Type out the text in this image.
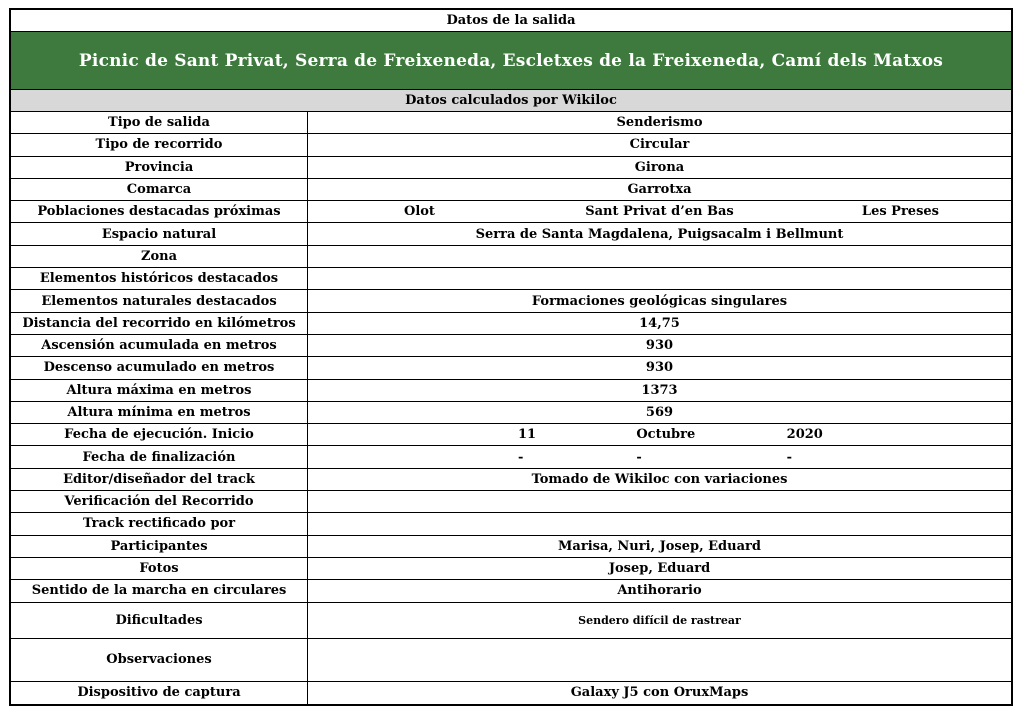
Datos de la salida
Picnic de Sant Privat, Serra de Freixeneda, Escletxes de la Freixeneda, Camí dels Matxos
Datos calculados por Wikiloc
Tipo de salida	Senderismo
Tipo de recorrido	Circular
Provincia	Girona
Comarca	Garrotxa
Poblaciones destacadas próximas	Olot	Sant Privat d’en Bas	Les Preses
Espacio natural	Serra de Santa Magdalena, Puigsacalm i Bellmunt
Zona
Elementos históricos destacados
Elementos naturales destacados	Formaciones geológicas singulares
Distancia del recorrido en kilómetros	14,75
Ascensión acumulada en metros	930
Descenso acumulado en metros	930
Altura máxima en metros	1373
Altura mínima en metros	569
Fecha de ejecución. Inicio	11	Octubre	2020
Fecha de finalización	-	-	-
Editor/diseñador del track	Tomado de Wikiloc con variaciones
Verificación del Recorrido
Track rectificado por
Participantes	Marisa, Nuri, Josep, Eduard
Fotos	Josep, Eduard
Sentido de la marcha en circulares	Antihorario
Dificultades	Sendero difícil de rastrear
Observaciones
Dispositivo de captura	Galaxy J5 con OruxMaps
